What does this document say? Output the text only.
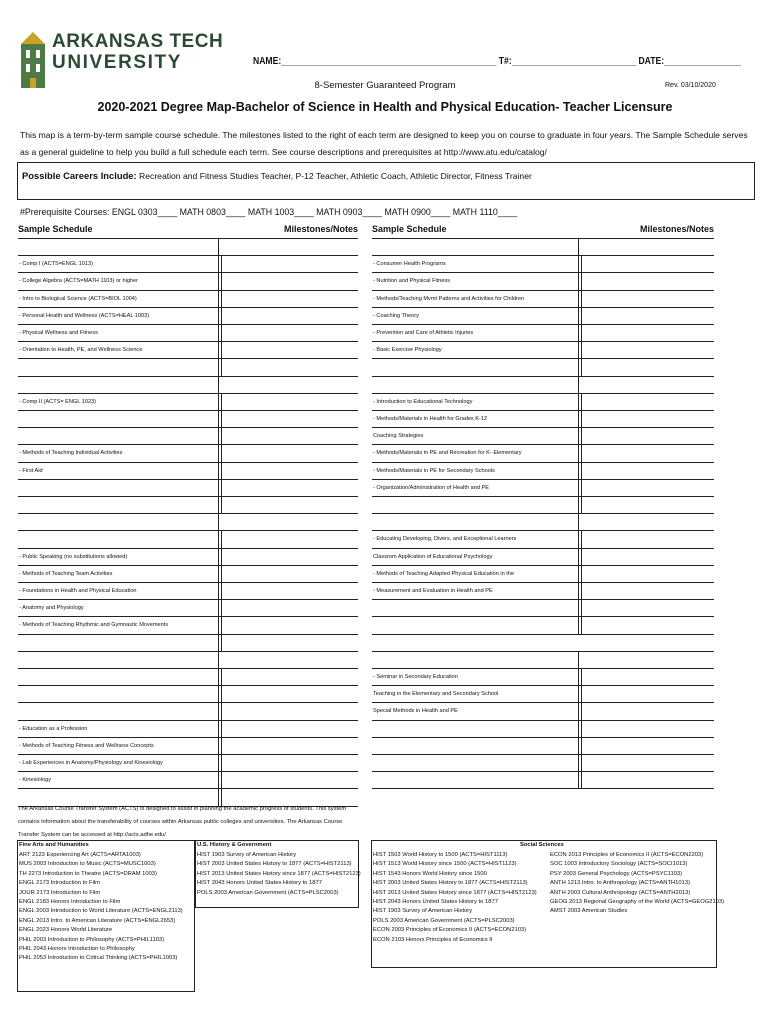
ARKANSAS TECH
UNIVERSITY	NAME:_____________________________________________ T#:__________________________ DATE:________________
8-Semester Guaranteed Program	Rev. 03/10/2020
2020-2021 Degree Map-Bachelor of Science in Health and Physical Education- Teacher Licensure
This map is a term-by-term sample course schedule. The milestones listed to the right of each term are designed to keep you on course to graduate in four years. The Sample Schedule serves as a general guideline to help you build a full schedule each term. See course descriptions and prerequisites at http://www.atu.edu/catalog/
Possible Careers Include: Recreation and Fitness Studies Teacher, P-12 Teacher, Athletic Coach, Athletic Director, Fitness Trainer
#Prerequisite Courses: ENGL 0303____ MATH 0803____ MATH 1003____ MATH 0903____ MATH 0900____ MATH 1110____
Sample Schedule	Milestones/Notes
- Comp I (ACTS=ENGL 1013)
- College Algebra (ACTS=MATH 1103) or higher
- Intro to Biological Science (ACTS=BIOL 1004)
- Personal Health and Wellness (ACTS=HEAL 1003)
- Physical Wellness and Fitness
- Orientation to Health, PE, and Wellness Science
- Comp II (ACTS= ENGL 1023)
- Methods of Teaching Individual Activities
- First Aid
- Public Speaking (no substitutions allowed)
- Methods of Teaching Team Activities
- Foundations in Health and Physical Education
- Anatomy and Physiology
- Methods of Teaching Rhythmic and Gymnastic Movements
- Education as a Profession
- Methods of Teaching Fitness and Wellness Concepts
- Lab Experiences in Anatomy/Physiology and Kinesiology
- Kinesiology
Sample Schedule	Milestones/Notes
- Consumer Health Programs
- Nutrition and Physical Fitness
- Methods/Teaching Mvmt Patterns and Activities for Children
- Coaching Theory
- Prevention and Care of Athletic Injuries
- Basic Exercise Physiology
- Introduction to Educational Technology
- Methods/Materials in Health for Grades K-12
Coaching Strategies
- Methods/Materials in PE and Recreation for K- Elementary
- Methods/Materials in PE for Secondary Schools
- Organization/Administration of Health and PE
- Educating Developing, Divers, and Exceptional Learners
Classrom Application of Educational Psychology
- Methods of Teaching Adapted Physical Education in the
- Measurement and Evaluation in Health and PE
- Seminar in Secondary Education
Teaching in the Elementary and Secondary School
Special Methods in Health and PE
The Arkansas Course Transfer System (ACTS) is designed to assist in planning the academic progress of students. This system contains information about the transferability of courses within Arkansas public colleges and universities. The Arkansas Course Transfer System can be accessed at http://acts.adhe.edu/
Fine Arts and Humanities
ART 2123 Experiencing Art (ACTS=ARTA1003)
MUS 2003 Introduction to Music (ACTS=MUSC1003)
TH 2273 Introduction to Theatre (ACTS=DRAM 1003)
ENGL 2173 Introduction to Film
JOUR 2173 Introduction to Film
ENGL 2183 Honors Introduction to Film
ENGL 2003 Introduction to World Literature (ACTS=ENGL2113)
ENGL 2013 Intro. to American Literature (ACTS=ENGL2653)
ENGL 2023 Honors World Literature
PHIL 2003 Introduction to Philosophy (ACTS=PHIL1103)
PHIL 2043 Honors Introduction to Philosophy
PHIL 2053 Introduction to Critical Thinking (ACTS=PHIL1003)
U.S. History & Government
HIST 1903 Survey of American History
HIST 2003 United States History to 1877 (ACTS=HIST2113)
HIST 2013 United States History since 1877 (ACTS=HIST2123)
HIST 2043 Honors United States History to 1877
POLS 2003 American Government (ACTS=PLSC2003)
Social Sciences
HIST 1503 World History to 1500 (ACTS=HIST1113)
HIST 1513 World History since 1500 (ACTS=HIST1123)
HIST 1543 Honors World History since 1500
HIST 2003 United States History to 1877 (ACTS=HIST2113)
HIST 2013 United States History since 1877 (ACTS=HIST2123)
HIST 2043 Honors United States History to 1877
HIST 1903 Survey of American History
POLS 2003 American Government (ACTS=PLSC2003)
ECON 2003 Principles of Economics II (ACTS=ECON2103)
ECON 2103 Honors Principles of Economics II
ECON 2013 Principles of Economics II (ACTS=ECON2203)
SOC 1003 Introductory Sociology (ACTS=SOCI1013)
PSY 2003 General Psychology (ACTS=PSYC1103)
ANTH 1213 Intro. to Anthropology (ACTS=ANTH1013)
ANTH 2003 Cultural Anthropology (ACTS=ANTH2013)
GEOG 2013 Regional Geography of the World (ACTS=GEOG2103)
AMST 2003 American Studies
